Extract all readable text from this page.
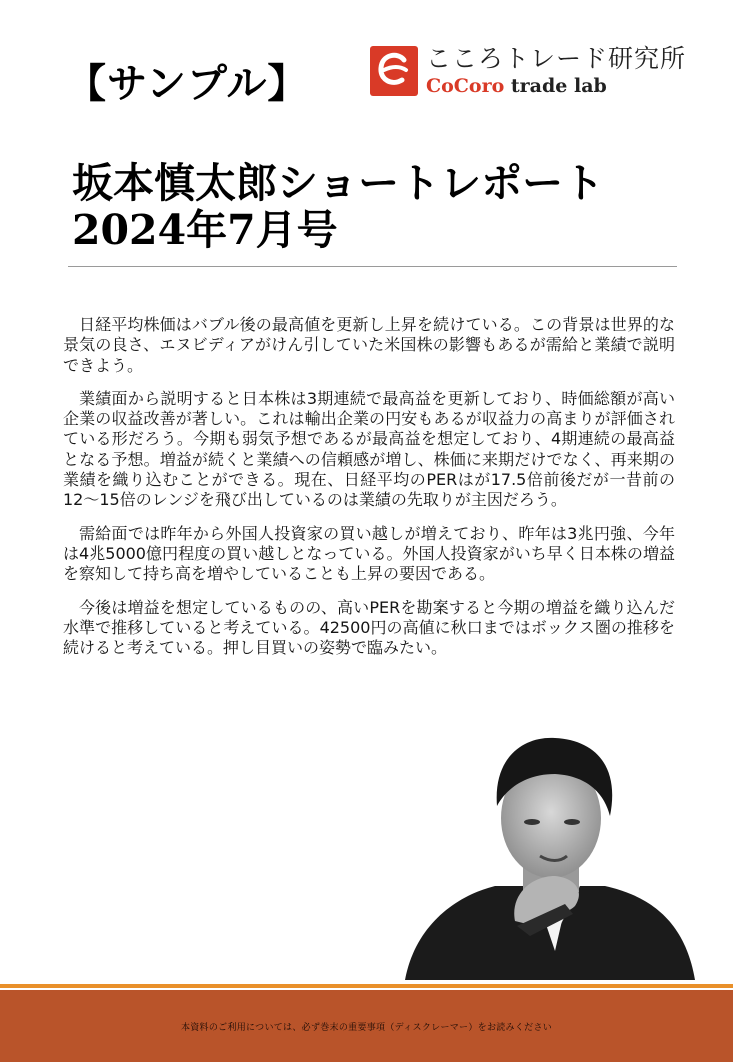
【サンプル】
こころトレード研究所
CoCoro trade lab
坂本慎太郎ショートレポート
2024年7月号

日経平均株価はバブル後の最高値を更新し上昇を続けている。この背景は世界的な景気の良さ、エヌビディアがけん引していた米国株の影響もあるが需給と業績で説明できよう。

業績面から説明すると日本株は3期連続で最高益を更新しており、時価総額が高い企業の収益改善が著しい。これは輸出企業の円安もあるが収益力の高まりが評価されている形だろう。今期も弱気予想であるが最高益を想定しており、4期連続の最高益となる予想。増益が続くと業績への信頼感が増し、株価に来期だけでなく、再来期の業績を織り込むことができる。現在、日経平均のPERはが17.5倍前後だが一昔前の12～15倍のレンジを飛び出しているのは業績の先取りが主因だろう。

需給面では昨年から外国人投資家の買い越しが増えており、昨年は3兆円強、今年は4兆5000億円程度の買い越しとなっている。外国人投資家がいち早く日本株の増益を察知して持ち高を増やしていることも上昇の要因である。

今後は増益を想定しているものの、高いPERを勘案すると今期の増益を織り込んだ水準で推移していると考えている。42500円の高値に秋口まではボックス圏の推移を続けると考えている。押し目買いの姿勢で臨みたい。

本資料のご利用については、必ず巻末の重要事項（ディスクレーマー）をお読みください
